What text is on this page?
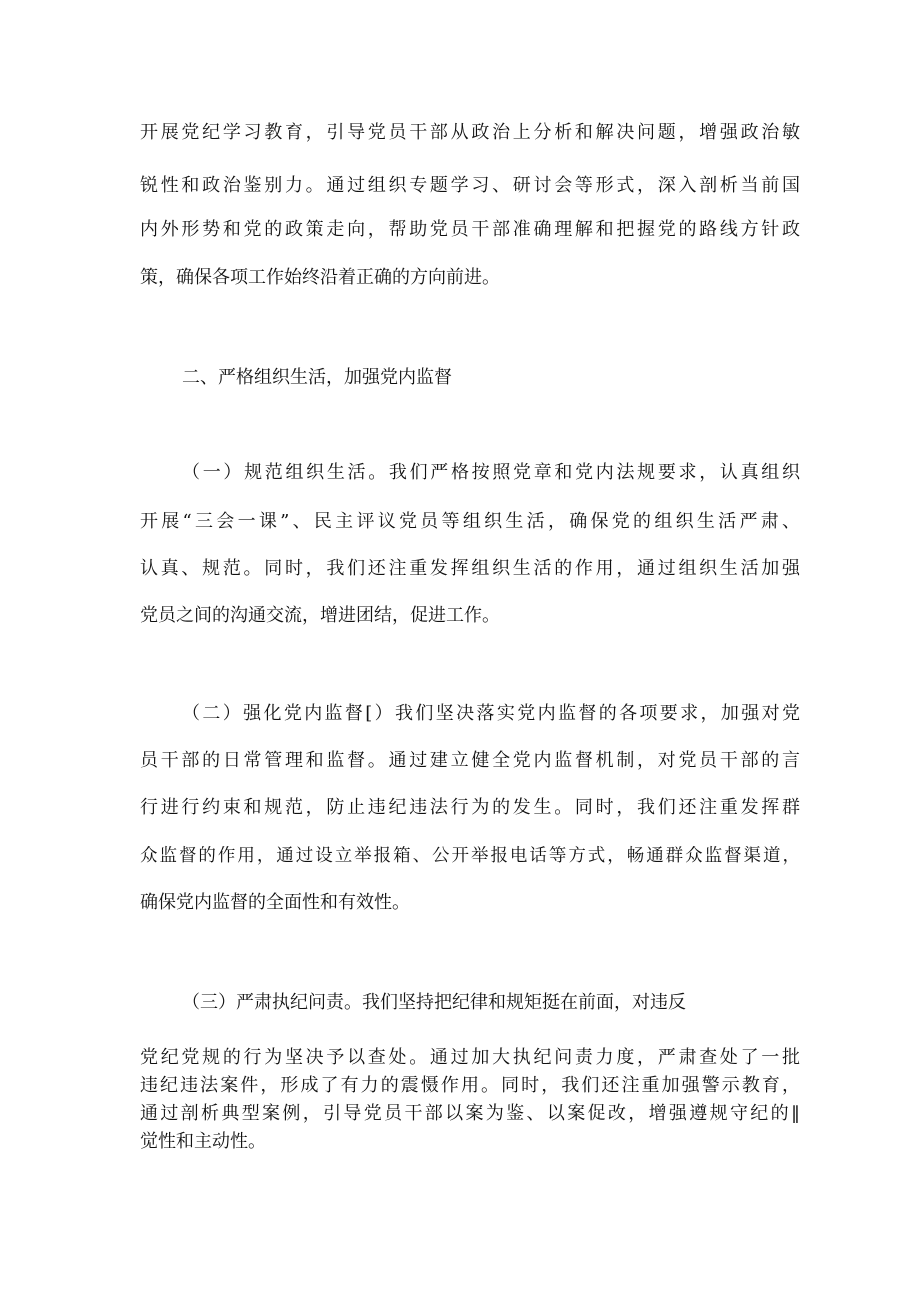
开展党纪学习教育，引导党员干部从政治上分析和解决问题，增强政治敏
锐性和政治鉴别力。通过组织专题学习、研讨会等形式，深入剖析当前国
内外形势和党的政策走向，帮助党员干部准确理解和把握党的路线方针政
策，确保各项工作始终沿着正确的方向前进。
二、严格组织生活，加强党内监督
（一）规范组织生活。我们严格按照党章和党内法规要求，认真组织
开展“三会一课”、民主评议党员等组织生活，确保党的组织生活严肃、
认真、规范。同时，我们还注重发挥组织生活的作用，通过组织生活加强
党员之间的沟通交流，增进团结，促进工作。
（二）强化党内监督[）我们坚决落实党内监督的各项要求，加强对党
员干部的日常管理和监督。通过建立健全党内监督机制，对党员干部的言
行进行约束和规范，防止违纪违法行为的发生。同时，我们还注重发挥群
众监督的作用，通过设立举报箱、公开举报电话等方式，畅通群众监督渠道，
确保党内监督的全面性和有效性。
（三）严肃执纪问责。我们坚持把纪律和规矩挺在前面，对违反
党纪党规的行为坚决予以查处。通过加大执纪问责力度，严肃查处了一批
违纪违法案件，形成了有力的震慑作用。同时，我们还注重加强警示教育，
通过剖析典型案例，引导党员干部以案为鉴、以案促改，增强遵规守纪的‖
觉性和主动性。
